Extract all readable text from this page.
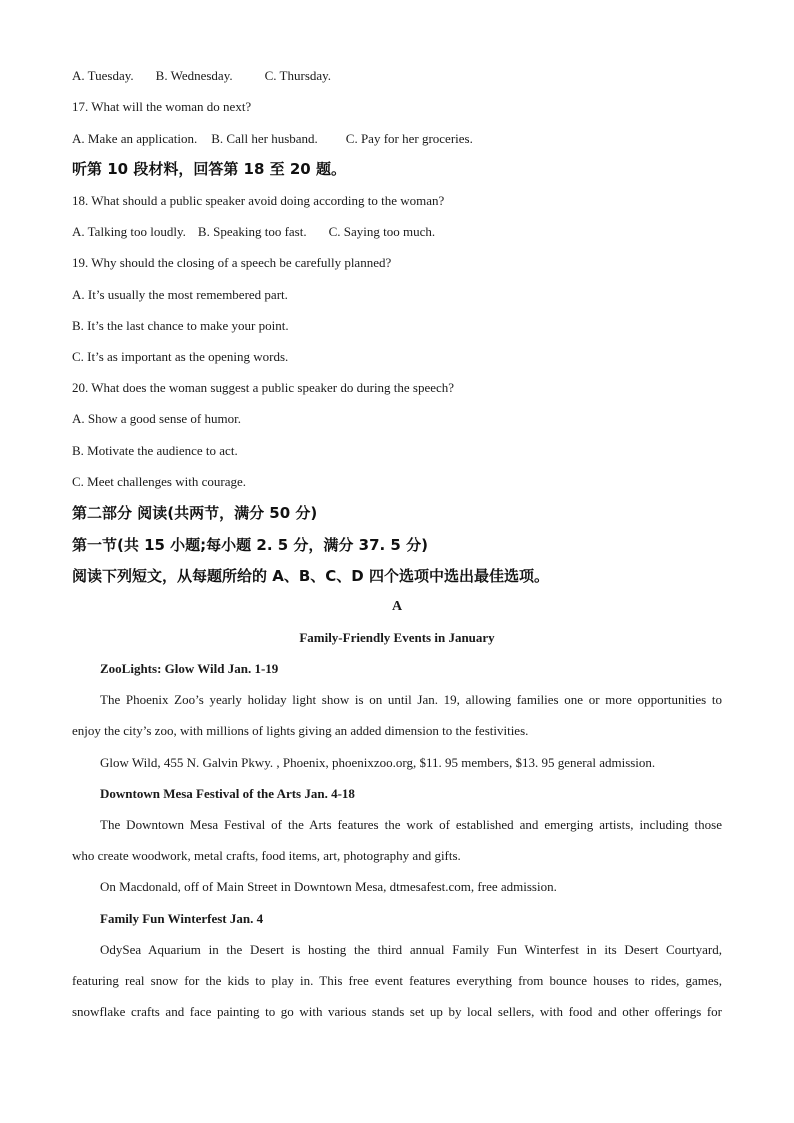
A. Tuesday. B. Wednesday. C. Thursday.
17. What will the woman do next?
A. Make an application. B. Call her husband. C. Pay for her groceries.
听第 10 段材料，回答第 18 至 20 题。
18. What should a public speaker avoid doing according to the woman?
A. Talking too loudly. B. Speaking too fast. C. Saying too much.
19. Why should the closing of a speech be carefully planned?
A. It’s usually the most remembered part.
B. It’s the last chance to make your point.
C. It’s as important as the opening words.
20. What does the woman suggest a public speaker do during the speech?
A. Show a good sense of humor.
B. Motivate the audience to act.
C. Meet challenges with courage.
第二部分 阅读(共两节，满分 50 分)
第一节(共 15 小题;每小题 2. 5 分，满分 37. 5 分)
阅读下列短文，从每题所给的 A、B、C、D 四个选项中选出最佳选项。
A
Family-Friendly Events in January
ZooLights: Glow Wild Jan. 1-19
The Phoenix Zoo’s yearly holiday light show is on until Jan. 19, allowing families one or more opportunities to
enjoy the city’s zoo, with millions of lights giving an added dimension to the festivities.
Glow Wild, 455 N. Galvin Pkwy. , Phoenix, phoenixzoo.org, $11. 95 members, $13. 95 general admission.
Downtown Mesa Festival of the Arts Jan. 4-18
The Downtown Mesa Festival of the Arts features the work of established and emerging artists, including those
who create woodwork, metal crafts, food items, art, photography and gifts.
On Macdonald, off of Main Street in Downtown Mesa, dtmesafest.com, free admission.
Family Fun Winterfest Jan. 4
OdySea Aquarium in the Desert is hosting the third annual Family Fun Winterfest in its Desert Courtyard,
featuring real snow for the kids to play in. This free event features everything from bounce houses to rides, games,
snowflake crafts and face painting to go with various stands set up by local sellers, with food and other offerings for
